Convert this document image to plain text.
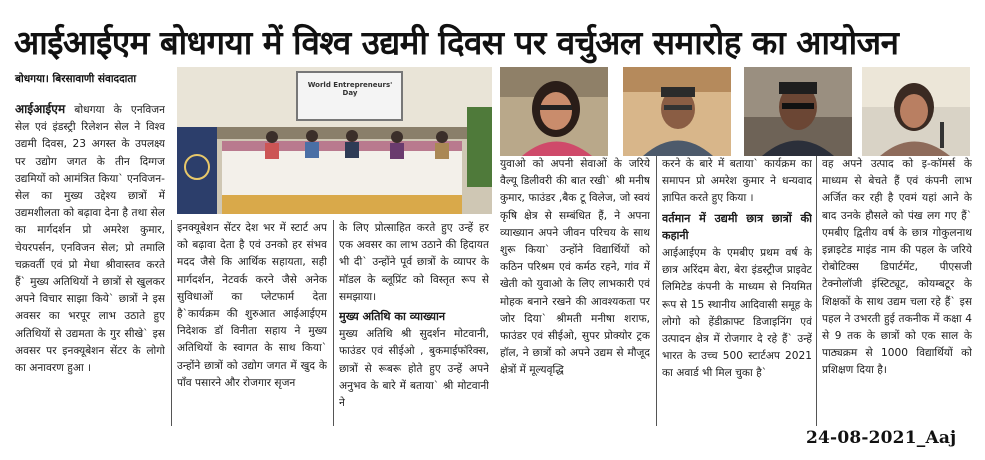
आईआईएम बोधगया में विश्व उद्यमी दिवस पर वर्चुअल समारोह का आयोजन
बोधगया। बिरसावाणी संवाददाता

आईआईएम बोधगया के एनविजन सेल एवं इंडस्ट्री रिलेशन सेल ने विश्व उद्यमी दिवस, 23 अगस्त के उपलक्ष्य पर उद्योग जगत के तीन दिग्गज उद्यमियों को आमंत्रित किया` एनविजन-सेल का मुख्य उद्देश्य छात्रों में उद्यमशीलता को बढ़ावा देना है तथा सेल का मार्गदर्शन प्रो अमरेश कुमार, चेयरपर्सन, एनविजन सेल; प्रो तमालि चक्रवर्ती एवं प्रो मेधा श्रीवास्तव करते हैं` मुख्य अतिथियों ने छात्रों से खुलकर अपने विचार साझा किये` छात्रों ने इस अवसर का भरपूर लाभ उठाते हुए अतिथियों से उद्यमता के गुर सीखे` इस अवसर पर इनक्यूबेशन सेंटर के लोगो का अनावरण हुआ ।

World Entrepreneurs' Day

इनक्यूबेशन सेंटर देश भर में स्टार्ट अप को बढ़ावा देता है एवं उनको हर संभव मदद जैसे कि आर्थिक सहायता, सही मार्गदर्शन, नेटवर्क करने जैसे अनेक सुविधाओं का प्लेटफार्म देता है`कार्यक्रम की शुरुआत आईआईएम निदेशक डॉ विनीता सहाय ने मुख्य अतिथियों के स्वागत के साथ किया` उन्होंने छात्रों को उद्योग जगत में खुद के पाँव पसारने और रोजगार सृजन

के लिए प्रोत्साहित करते हुए उन्हें हर एक अवसर का लाभ उठाने की हिदायत भी दी` उन्होंने पूर्व छात्रों के व्यापर के मॉडल के ब्लूप्रिंट को विस्तृत रूप से समझाया।

मुख्य अतिथि का व्याख्यान

मुख्य अतिथि श्री सुदर्शन मोटवानी, फाउंडर एवं सीईओ , बुकमाईफॉरेक्स, छात्रों से रूबरू होते हुए उन्हें अपने अनुभव के बारे में बताया` श्री मोटवानी ने

युवाओ को अपनी सेवाओं के जरिये वैल्यू डिलीवरी की बात रखी` श्री मनीष कुमार, फाउंडर ,बैक टू विलेज, जो स्वयं कृषि क्षेत्र से सम्बंधित हैं, ने अपना व्याख्यान अपने जीवन परिचय के साथ शुरू किया` उन्होंने विद्यार्थियों को कठिन परिश्रम एवं कर्मठ रहने, गांव में खेती को युवाओ के लिए लाभकारी एवं मोहक बनाने रखने की आवश्यकता पर जोर दिया` श्रीमती मनीषा शराफ, फाउंडर एवं सीईओ, सुपर प्रोक्योर ट्रक हॉल, ने छात्रों को अपने उद्यम से मौजूद क्षेत्रों में मूल्यवृद्धि

करने के बारे में बताया` कार्यक्रम का समापन प्रो अमरेश कुमार ने धन्यवाद ज्ञापित करते हुए किया ।

वर्तमान में उद्यमी छात्र छात्रों की कहानी

आईआईएम के एमबीए प्रथम वर्ष के छात्र अरिंदम बेरा, बेरा इंडस्ट्रीज प्राइवेट लिमिटेड कंपनी के माध्यम से नियमित रूप से 15 स्थानीय आदिवासी समूह के लोगो को हेंडीक्राफ्ट डिजाइनिंग एवं उत्पादन क्षेत्र में रोजगार दे रहे हैं` उन्हें भारत के उच्च 500 स्टार्टअप 2021 का अवार्ड भी मिल चुका है`

वह अपने उत्पाद को इ-कॉमर्स के माध्यम से बेचते हैं एवं कंपनी लाभ अर्जित कर रही है एवमं यहां आने के बाद उनके हौसले को पंख लग गए हैं` एमबीए द्वितीय वर्ष के छात्र गोकुलनाथ इन्नाइटेड माइंड नाम की पहल के जरिये रोबोटिक्स डिपार्टमेंट, पीएसजी टेक्नोलॉजी इंस्टिट्यूट, कोयम्बटूर के शिक्षकों के साथ उद्यम चला रहे हैं` इस पहल ने उभरती हुई तकनीक में कक्षा 4 से 9 तक के छात्रों को एक साल के पाठ्यक्रम से 1000 विद्यार्थियों को प्रशिक्षण दिया है।

24-08-2021_Aaj
